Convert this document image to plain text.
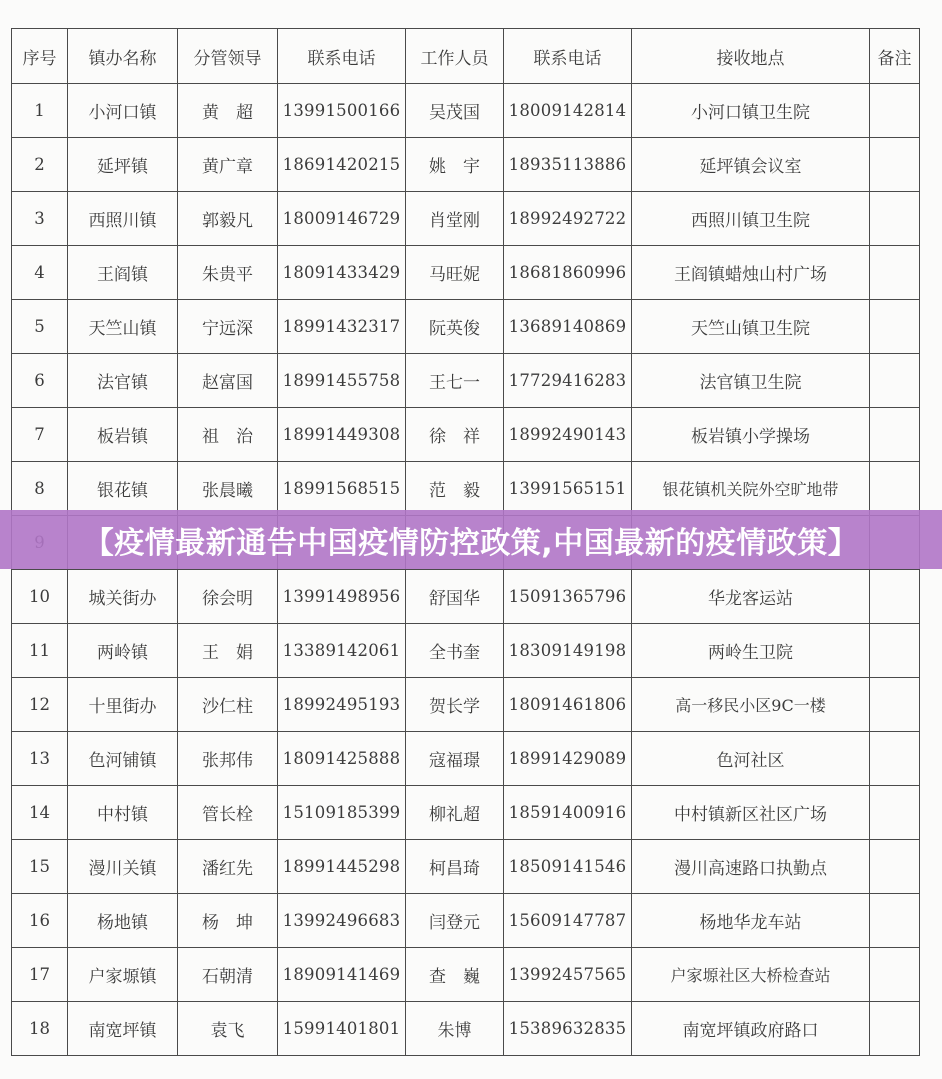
序号	镇办名称	分管领导	联系电话	工作人员	联系电话	接收地点	备注
1	小河口镇	黄　超	13991500166	吴茂国	18009142814	小河口镇卫生院	
2	延坪镇	黄广章	18691420215	姚　宇	18935113886	延坪镇会议室	
3	西照川镇	郭毅凡	18009146729	肖堂刚	18992492722	西照川镇卫生院	
4	王阎镇	朱贵平	18091433429	马旺妮	18681860996	王阎镇蜡烛山村广场	
5	天竺山镇	宁远深	18991432317	阮英俊	13689140869	天竺山镇卫生院	
6	法官镇	赵富国	18991455758	王七一	17729416283	法官镇卫生院	
7	板岩镇	祖　治	18991449308	徐　祥	18992490143	板岩镇小学操场	
8	银花镇	张晨曦	18991568515	范　毅	13991565151	银花镇机关院外空旷地带	

10	城关街办	徐会明	13991498956	舒国华	15091365796	华龙客运站	
11	两岭镇	王　娟	13389142061	全书奎	18309149198	两岭生卫院	
12	十里街办	沙仁柱	18992495193	贺长学	18091461806	高一移民小区9C一楼	
13	色河铺镇	张邦伟	18091425888	寇福璟	18991429089	色河社区	
14	中村镇	管长栓	15109185399	柳礼超	18591400916	中村镇新区社区广场	
15	漫川关镇	潘红先	18991445298	柯昌琦	18509141546	漫川高速路口执勤点	
16	杨地镇	杨　坤	13992496683	闫登元	15609147787	杨地华龙车站	
17	户家塬镇	石朝清	18909141469	查　巍	13992457565	户家塬社区大桥检查站	
18	南宽坪镇	袁飞	15991401801	朱博	15389632835	南宽坪镇政府路口	
【疫情最新通告中国疫情防控政策,中国最新的疫情政策】
